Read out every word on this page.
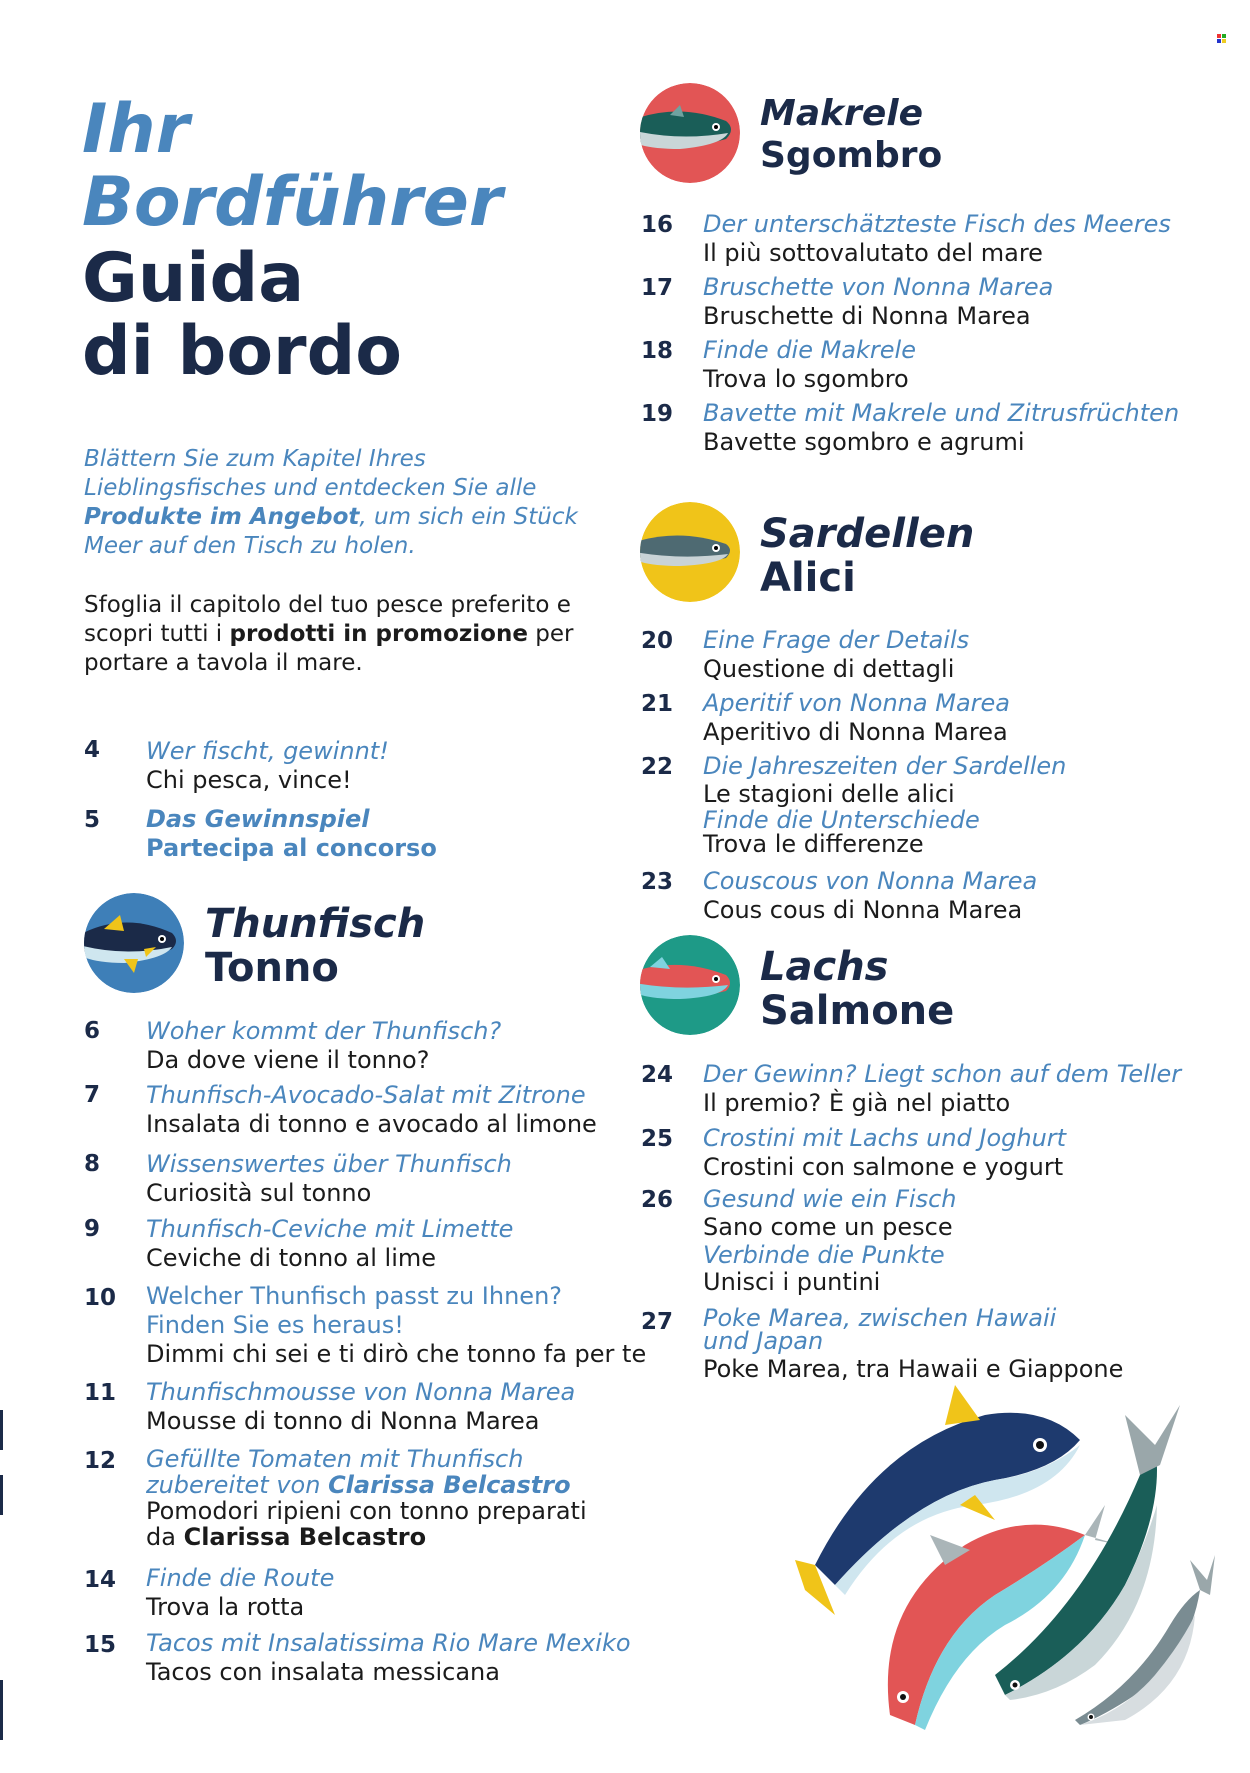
Ihr
Bordführer
Guida
di bordo
Blättern Sie zum Kapitel Ihres Lieblingsfisches und entdecken Sie alle Produkte im Angebot, um sich ein Stück Meer auf den Tisch zu holen.
Sfoglia il capitolo del tuo pesce preferito e scopri tutti i prodotti in promozione per portare a tavola il mare.
4 Wer fischt, gewinnt!
Chi pesca, vince!
5 Das Gewinnspiel
Partecipa al concorso
Thunfisch
Tonno
6 Woher kommt der Thunfisch?
Da dove viene il tonno?
7 Thunfisch-Avocado-Salat mit Zitrone
Insalata di tonno e avocado al limone
8 Wissenswertes über Thunfisch
Curiosità sul tonno
9 Thunfisch-Ceviche mit Limette
Ceviche di tonno al lime
10 Welcher Thunfisch passt zu Ihnen?
Finden Sie es heraus!
Dimmi chi sei e ti dirò che tonno fa per te
11 Thunfischmousse von Nonna Marea
Mousse di tonno di Nonna Marea
12 Gefüllte Tomaten mit Thunfisch
zubereitet von Clarissa Belcastro
Pomodori ripieni con tonno preparati
da Clarissa Belcastro
14 Finde die Route
Trova la rotta
15 Tacos mit Insalatissima Rio Mare Mexiko
Tacos con insalata messicana
Makrele
Sgombro
16 Der unterschätzteste Fisch des Meeres
Il più sottovalutato del mare
17 Bruschette von Nonna Marea
Bruschette di Nonna Marea
18 Finde die Makrele
Trova lo sgombro
19 Bavette mit Makrele und Zitrusfrüchten
Bavette sgombro e agrumi
Sardellen
Alici
20 Eine Frage der Details
Questione di dettagli
21 Aperitif von Nonna Marea
Aperitivo di Nonna Marea
22 Die Jahreszeiten der Sardellen
Le stagioni delle alici
Finde die Unterschiede
Trova le differenze
23 Couscous von Nonna Marea
Cous cous di Nonna Marea
Lachs
Salmone
24 Der Gewinn? Liegt schon auf dem Teller
Il premio? È già nel piatto
25 Crostini mit Lachs und Joghurt
Crostini con salmone e yogurt
26 Gesund wie ein Fisch
Sano come un pesce
Verbinde die Punkte
Unisci i puntini
27 Poke Marea, zwischen Hawaii
und Japan
Poke Marea, tra Hawaii e Giappone
